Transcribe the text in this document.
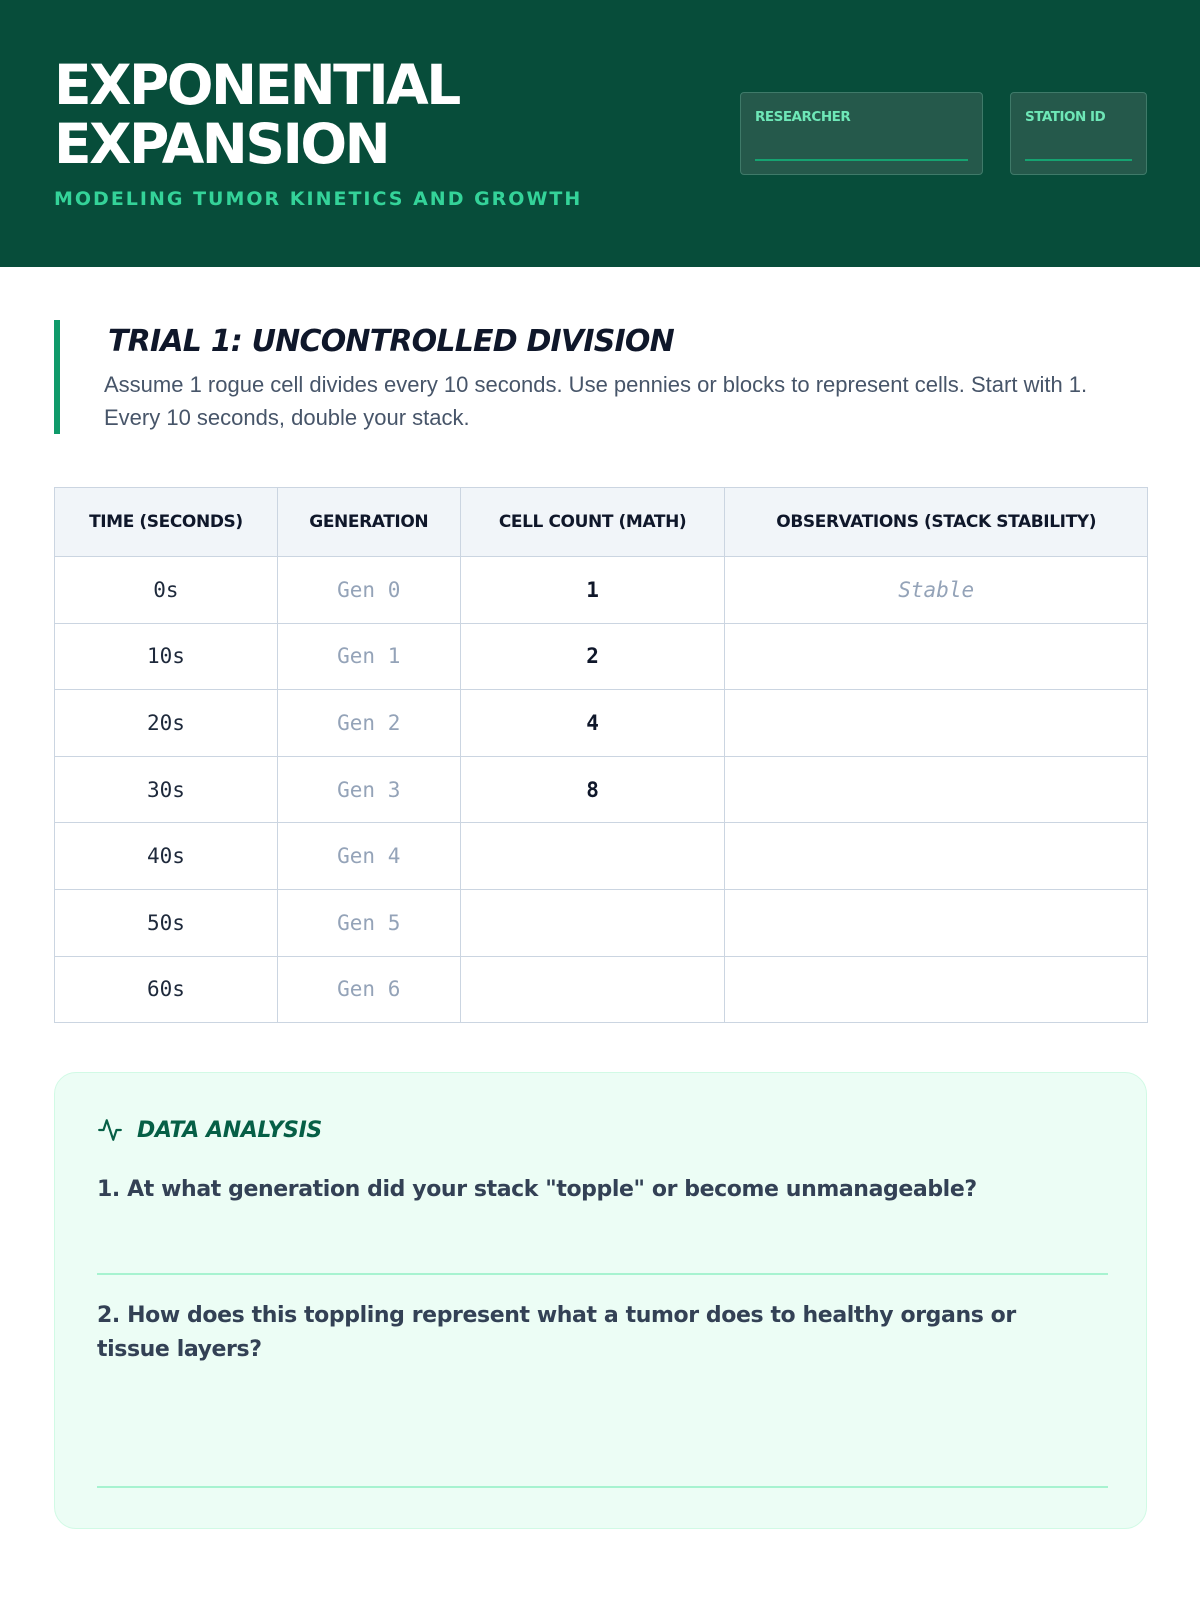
EXPONENTIAL
EXPANSION
MODELING TUMOR KINETICS AND GROWTH
RESEARCHER	STATION ID
TRIAL 1: UNCONTROLLED DIVISION
Assume 1 rogue cell divides every 10 seconds. Use pennies or blocks to represent cells. Start with 1. Every 10 seconds, double your stack.
TIME (SECONDS)	GENERATION	CELL COUNT (MATH)	OBSERVATIONS (STACK STABILITY)
0s	Gen 0	1	Stable
10s	Gen 1	2	
20s	Gen 2	4	
30s	Gen 3	8	
40s	Gen 4		
50s	Gen 5		
60s	Gen 6		
DATA ANALYSIS
1. At what generation did your stack "topple" or become unmanageable?
2. How does this toppling represent what a tumor does to healthy organs or tissue layers?
